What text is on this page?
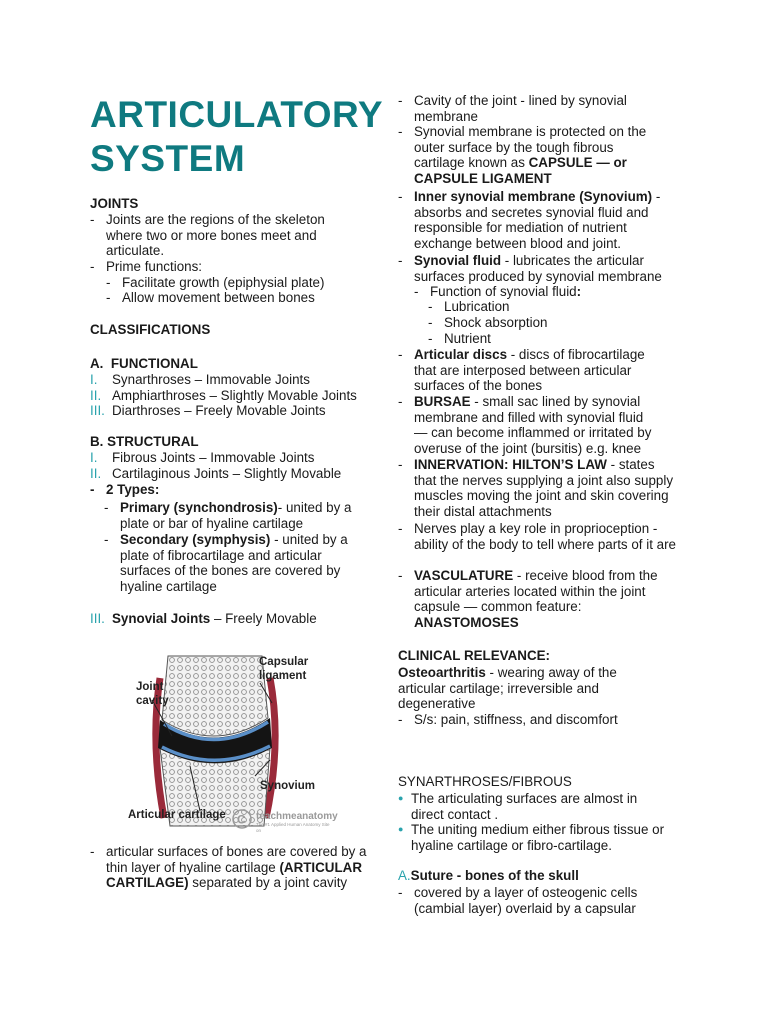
ARTICULATORY
SYSTEM
JOINTS
- Joints are the regions of the skeleton where two or more bones meet and articulate.
- Prime functions:
- Facilitate growth (epiphysial plate)
- Allow movement between bones
CLASSIFICATIONS
A. FUNCTIONAL
I.	Synarthroses – Immovable Joints
II. Amphiarthroses – Slightly Movable Joints
III. Diarthroses – Freely Movable Joints
B. STRUCTURAL
I.	Fibrous Joints – Immovable Joints
II. Cartilaginous Joints – Slightly Movable
- 2 Types:
- Primary (synchondrosis)- united by a plate or bar of hyaline cartilage
- Secondary (symphysis) - united by a plate of fibrocartilage and articular surfaces of the bones are covered by hyaline cartilage
III. Synovial Joints – Freely Movable
C
Capsular ligament
Joint cavity
Synovium
Articular cartilage	teachmeanatomy
The #1 Applied Human Anatomy Site on
- articular surfaces of bones are covered by a thin layer of hyaline cartilage (ARTICULAR CARTILAGE) separated by a joint cavity
- Cavity of the joint - lined by synovial membrane
- Synovial membrane is protected on the outer surface by the tough fibrous cartilage known as CAPSULE — or CAPSULE LIGAMENT
- Inner synovial membrane (Synovium) - absorbs and secretes synovial fluid and responsible for mediation of nutrient exchange between blood and joint.
- Synovial fluid - lubricates the articular surfaces produced by synovial membrane
- Function of synovial fluid:
- Lubrication
- Shock absorption
- Nutrient
- Articular discs - discs of fibrocartilage that are interposed between articular surfaces of the bones
- BURSAE - small sac lined by synovial membrane and filled with synovial fluid — can become inflammed or irritated by overuse of the joint (bursitis) e.g. knee
- INNERVATION: HILTON’S LAW - states that the nerves supplying a joint also supply muscles moving the joint and skin covering their distal attachments
- Nerves play a key role in proprioception - ability of the body to tell where parts of it are
- VASCULATURE - receive blood from the articular arteries located within the joint capsule — common feature: ANASTOMOSES
CLINICAL RELEVANCE:
Osteoarthritis - wearing away of the articular cartilage; irreversible and degenerative
- S/s: pain, stiffness, and discomfort
SYNARTHROSES/FIBROUS
● The articulating surfaces are almost in direct contact .
● The uniting medium either fibrous tissue or hyaline cartilage or fibro-cartilage.
A.Suture - bones of the skull
- covered by a layer of osteogenic cells (cambial layer) overlaid by a capsular
